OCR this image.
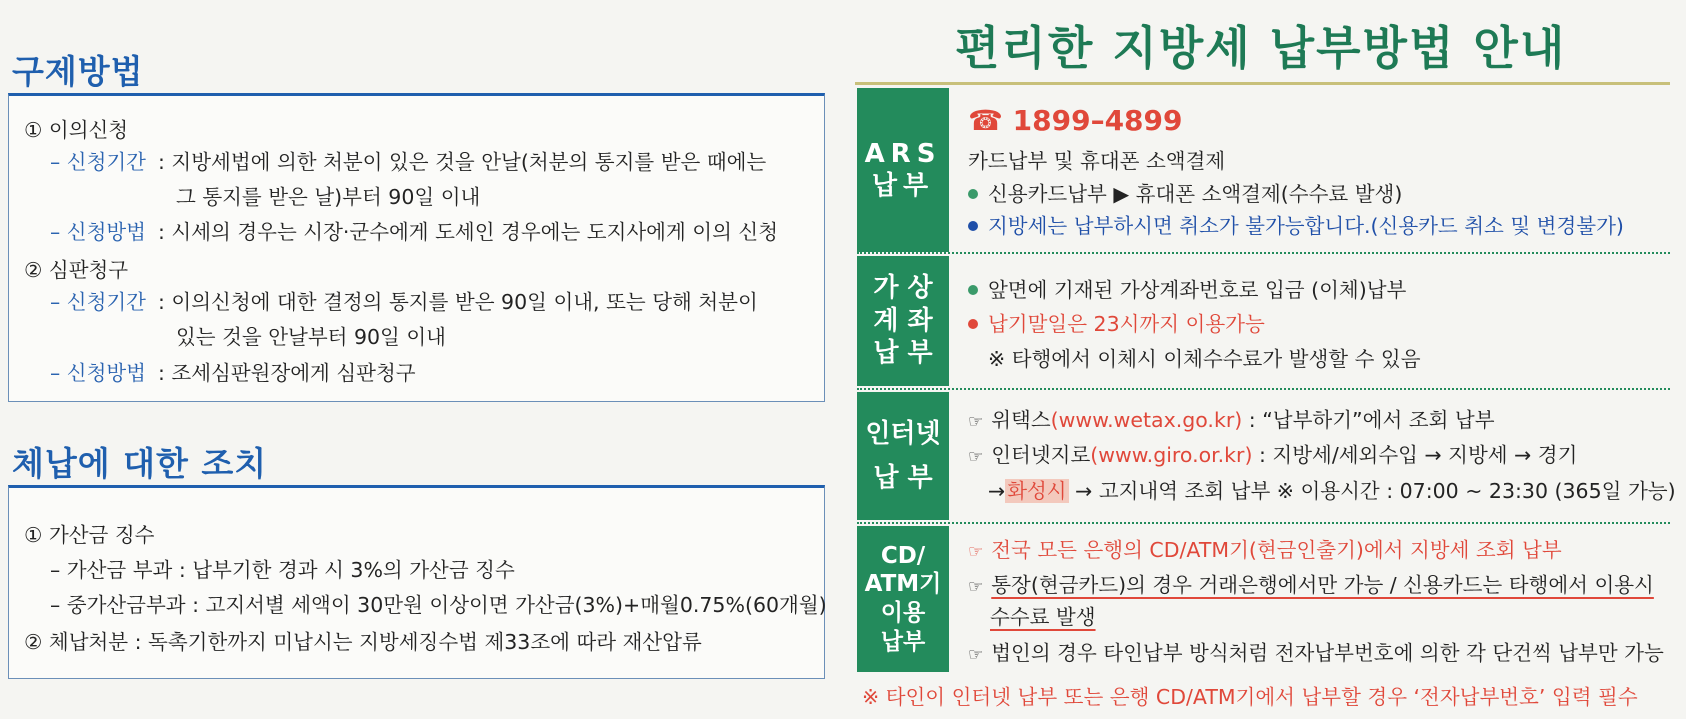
구제방법
① 이의신청
– 신청기간 : 지방세법에 의한 처분이 있은 것을 안날(처분의 통지를 받은 때에는
그 통지를 받은 날)부터 90일 이내
– 신청방법 : 시세의 경우는 시장·군수에게 도세인 경우에는 도지사에게 이의 신청
② 심판청구
– 신청기간 : 이의신청에 대한 결정의 통지를 받은 90일 이내, 또는 당해 처분이
있는 것을 안날부터 90일 이내
– 신청방법 : 조세심판원장에게 심판청구
체납에 대한 조치
① 가산금 징수
– 가산금 부과 : 납부기한 경과 시 3%의 가산금 징수
– 중가산금부과 : 고지서별 세액이 30만원 이상이면 가산금(3%)+매월0.75%(60개월)
② 체납처분 : 독촉기한까지 미납시는 지방세징수법 제33조에 따라 재산압류
편리한 지방세 납부방법 안내
ARS
납부
☎ 1899–4899
카드납부 및 휴대폰 소액결제
신용카드납부 ▶ 휴대폰 소액결제(수수료 발생)
지방세는 납부하시면 취소가 불가능합니다.(신용카드 취소 및 변경불가)
가 상
계 좌
납 부
앞면에 기재된 가상계좌번호로 입금 (이체)납부
납기말일은 23시까지 이용가능
※ 타행에서 이체시 이체수수료가 발생할 수 있음
인터넷
납 부
☞ 위택스(www.wetax.go.kr) : “납부하기”에서 조회 납부
☞ 인터넷지로(www.giro.or.kr) : 지방세/세외수입 → 지방세 → 경기
→화성시 → 고지내역 조회 납부 ※ 이용시간 : 07:00 ~ 23:30 (365일 가능)
CD/
ATM기
이용
납부
☞ 전국 모든 은행의 CD/ATM기(현금인출기)에서 지방세 조회 납부
☞ 통장(현금카드)의 경우 거래은행에서만 가능 / 신용카드는 타행에서 이용시
수수료 발생
☞ 법인의 경우 타인납부 방식처럼 전자납부번호에 의한 각 단건씩 납부만 가능
※ 타인이 인터넷 납부 또는 은행 CD/ATM기에서 납부할 경우 ‘전자납부번호’ 입력 필수
